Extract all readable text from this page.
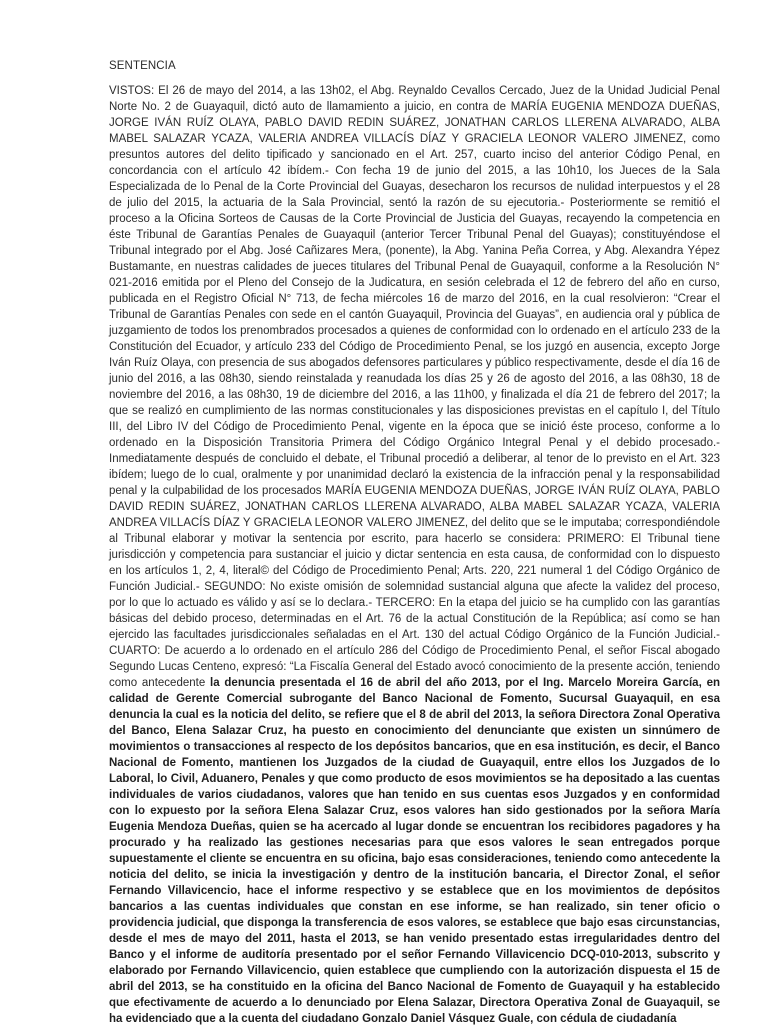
SENTENCIA

VISTOS: El 26 de mayo del 2014, a las 13h02, el Abg. Reynaldo Cevallos Cercado, Juez de la Unidad Judicial Penal Norte No. 2 de Guayaquil, dictó auto de llamamiento a juicio, en contra de MARÍA EUGENIA MENDOZA DUEÑAS, JORGE IVÁN RUÍZ OLAYA, PABLO DAVID REDIN SUÁREZ, JONATHAN CARLOS LLERENA ALVARADO, ALBA MABEL SALAZAR YCAZA, VALERIA ANDREA VILLACÍS DÍAZ Y GRACIELA LEONOR VALERO JIMENEZ, como presuntos autores del delito tipificado y sancionado en el Art. 257, cuarto inciso del anterior Código Penal, en concordancia con el artículo 42 ibídem.- Con fecha 19 de junio del 2015, a las 10h10, los Jueces de la Sala Especializada de lo Penal de la Corte Provincial del Guayas, desecharon los recursos de nulidad interpuestos y el 28 de julio del 2015, la actuaria de la Sala Provincial, sentó la razón de su ejecutoria.- Posteriormente se remitió el proceso a la Oficina Sorteos de Causas de la Corte Provincial de Justicia del Guayas, recayendo la competencia en éste Tribunal de Garantías Penales de Guayaquil (anterior Tercer Tribunal Penal del Guayas); constituyéndose el Tribunal integrado por el Abg. José Cañizares Mera, (ponente), la Abg. Yanina Peña Correa, y Abg. Alexandra Yépez Bustamante, en nuestras calidades de jueces titulares del Tribunal Penal de Guayaquil, conforme a la Resolución N° 021-2016 emitida por el Pleno del Consejo de la Judicatura, en sesión celebrada el 12 de febrero del año en curso, publicada en el Registro Oficial N° 713, de fecha miércoles 16 de marzo del 2016, en la cual resolvieron: “Crear el Tribunal de Garantías Penales con sede en el cantón Guayaquil, Provincia del Guayas”, en audiencia oral y pública de juzgamiento de todos los prenombrados procesados a quienes de conformidad con lo ordenado en el artículo 233 de la Constitución del Ecuador, y artículo 233 del Código de Procedimiento Penal, se los juzgó en ausencia, excepto Jorge Iván Ruíz Olaya, con presencia de sus abogados defensores particulares y público respectivamente, desde el día 16 de junio del 2016, a las 08h30, siendo reinstalada y reanudada los días 25 y 26 de agosto del 2016, a las 08h30, 18 de noviembre del 2016, a las 08h30, 19 de diciembre del 2016, a las 11h00, y finalizada el día 21 de febrero del 2017; la que se realizó en cumplimiento de las normas constitucionales y las disposiciones previstas en el capítulo I, del Título III, del Libro IV del Código de Procedimiento Penal, vigente en la época que se inició éste proceso, conforme a lo ordenado en la Disposición Transitoria Primera del Código Orgánico Integral Penal y el debido procesado.- Inmediatamente después de concluido el debate, el Tribunal procedió a deliberar, al tenor de lo previsto en el Art. 323 ibídem; luego de lo cual, oralmente y por unanimidad declaró la existencia de la infracción penal y la responsabilidad penal y la culpabilidad de los procesados MARÍA EUGENIA MENDOZA DUEÑAS, JORGE IVÁN RUÍZ OLAYA, PABLO DAVID REDIN SUÁREZ, JONATHAN CARLOS LLERENA ALVARADO, ALBA MABEL SALAZAR YCAZA, VALERIA ANDREA VILLACÍS DÍAZ Y GRACIELA LEONOR VALERO JIMENEZ, del delito que se le imputaba; correspondiéndole al Tribunal elaborar y motivar la sentencia por escrito, para hacerlo se considera: PRIMERO: El Tribunal tiene jurisdicción y competencia para sustanciar el juicio y dictar sentencia en esta causa, de conformidad con lo dispuesto en los artículos 1, 2, 4, literal© del Código de Procedimiento Penal; Arts. 220, 221 numeral 1 del Código Orgánico de Función Judicial.- SEGUNDO: No existe omisión de solemnidad sustancial alguna que afecte la validez del proceso, por lo que lo actuado es válido y así se lo declara.- TERCERO: En la etapa del juicio se ha cumplido con las garantías básicas del debido proceso, determinadas en el Art. 76 de la actual Constitución de la República; así como se han ejercido las facultades jurisdiccionales señaladas en el Art. 130 del actual Código Orgánico de la Función Judicial.- CUARTO: De acuerdo a lo ordenado en el artículo 286 del Código de Procedimiento Penal, el señor Fiscal abogado Segundo Lucas Centeno, expresó: “La Fiscalía General del Estado avocó conocimiento de la presente acción, teniendo como antecedente la denuncia presentada el 16 de abril del año 2013, por el Ing. Marcelo Moreira García, en calidad de Gerente Comercial subrogante del Banco Nacional de Fomento, Sucursal Guayaquil, en esa denuncia la cual es la noticia del delito, se refiere que el 8 de abril del 2013, la señora Directora Zonal Operativa del Banco, Elena Salazar Cruz, ha puesto en conocimiento del denunciante que existen un sinnúmero de movimientos o transacciones al respecto de los depósitos bancarios, que en esa institución, es decir, el Banco Nacional de Fomento, mantienen los Juzgados de la ciudad de Guayaquil, entre ellos los Juzgados de lo Laboral, lo Civil, Aduanero, Penales y que como producto de esos movimientos se ha depositado a las cuentas individuales de varios ciudadanos, valores que han tenido en sus cuentas esos Juzgados y en conformidad con lo expuesto por la señora Elena Salazar Cruz, esos valores han sido gestionados por la señora María Eugenia Mendoza Dueñas, quien se ha acercado al lugar donde se encuentran los recibidores pagadores y ha procurado y ha realizado las gestiones necesarias para que esos valores le sean entregados porque supuestamente el cliente se encuentra en su oficina, bajo esas consideraciones, teniendo como antecedente la noticia del delito, se inicia la investigación y dentro de la institución bancaria, el Director Zonal, el señor Fernando Villavicencio, hace el informe respectivo y se establece que en los movimientos de depósitos bancarios a las cuentas individuales que constan en ese informe, se han realizado, sin tener oficio o providencia judicial, que disponga la transferencia de esos valores, se establece que bajo esas circunstancias, desde el mes de mayo del 2011, hasta el 2013, se han venido presentado estas irregularidades dentro del Banco y el informe de auditoría presentado por el señor Fernando Villavicencio DCQ-010-2013, subscrito y elaborado por Fernando Villavicencio, quien establece que cumpliendo con la autorización dispuesta el 15 de abril del 2013, se ha constituido en la oficina del Banco Nacional de Fomento de Guayaquil y ha establecido que efectivamente de acuerdo a lo denunciado por Elena Salazar, Directora Operativa Zonal de Guayaquil, se ha evidenciado que a la cuenta del ciudadano Gonzalo Daniel Vásquez Guale, con cédula de ciudadanía
